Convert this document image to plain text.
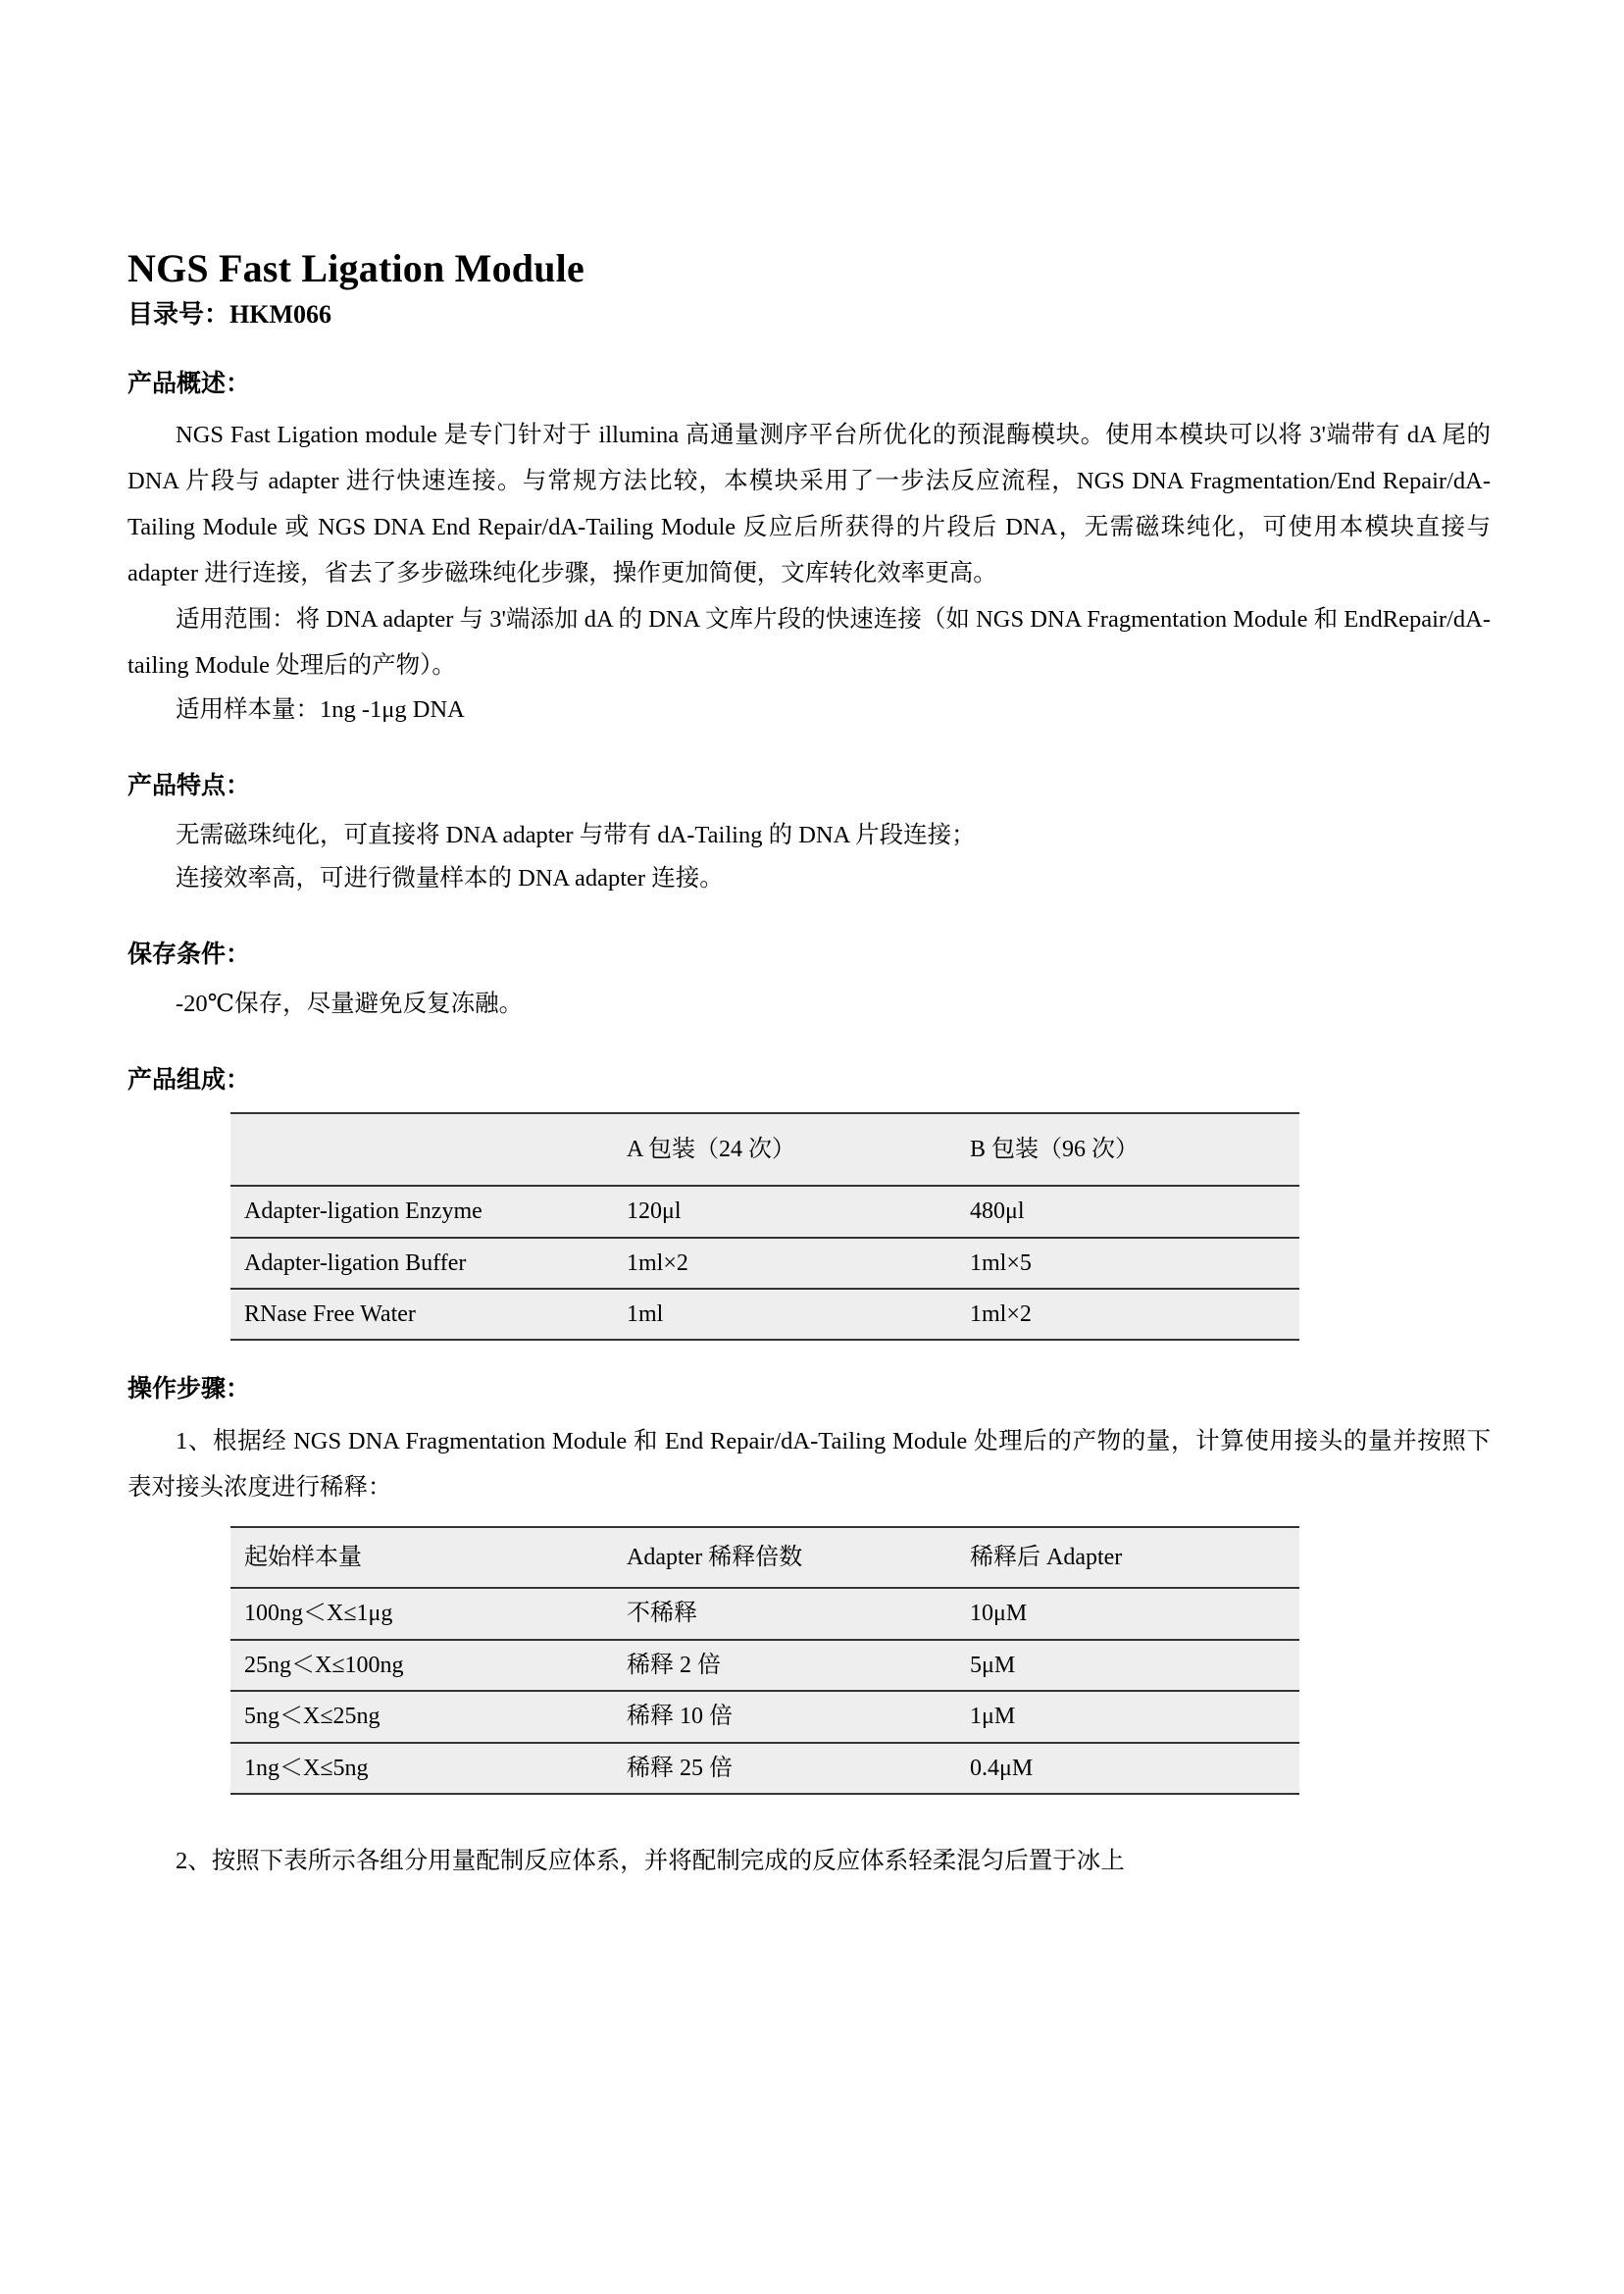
NGS Fast Ligation Module
目录号：HKM066
产品概述：

NGS Fast Ligation module 是专门针对于 illumina 高通量测序平台所优化的预混酶模块。使用本模块可以将 3'端带有 dA 尾的 DNA 片段与 adapter 进行快速连接。与常规方法比较，本模块采用了一步法反应流程，NGS DNA Fragmentation/End Repair/dA-Tailing Module 或 NGS DNA End Repair/dA-Tailing Module 反应后所获得的片段后 DNA，无需磁珠纯化，可使用本模块直接与 adapter 进行连接，省去了多步磁珠纯化步骤，操作更加简便，文库转化效率更高。

适用范围：将 DNA adapter 与 3'端添加 dA 的 DNA 文库片段的快速连接（如 NGS DNA Fragmentation Module 和 EndRepair/dA-tailing Module 处理后的产物）。

适用样本量：1ng -1μg DNA

产品特点：

无需磁珠纯化，可直接将 DNA adapter 与带有 dA-Tailing 的 DNA 片段连接；

连接效率高，可进行微量样本的 DNA adapter 连接。

保存条件：

-20℃保存，尽量避免反复冻融。

产品组成：
	A 包装（24 次）	B 包装（96 次）
Adapter-ligation Enzyme	120μl	480μl
Adapter-ligation Buffer	1ml×2	1ml×5
RNase Free Water	1ml	1ml×2
操作步骤：

1、根据经 NGS DNA Fragmentation Module 和 End Repair/dA-Tailing Module 处理后的产物的量，计算使用接头的量并按照下表对接头浓度进行稀释：

起始样本量	Adapter 稀释倍数	稀释后 Adapter
100ng＜X≤1μg	不稀释	10μM
25ng＜X≤100ng	稀释 2 倍	5μM
5ng＜X≤25ng	稀释 10 倍	1μM
1ng＜X≤5ng	稀释 25 倍	0.4μM

2、按照下表所示各组分用量配制反应体系，并将配制完成的反应体系轻柔混匀后置于冰上
